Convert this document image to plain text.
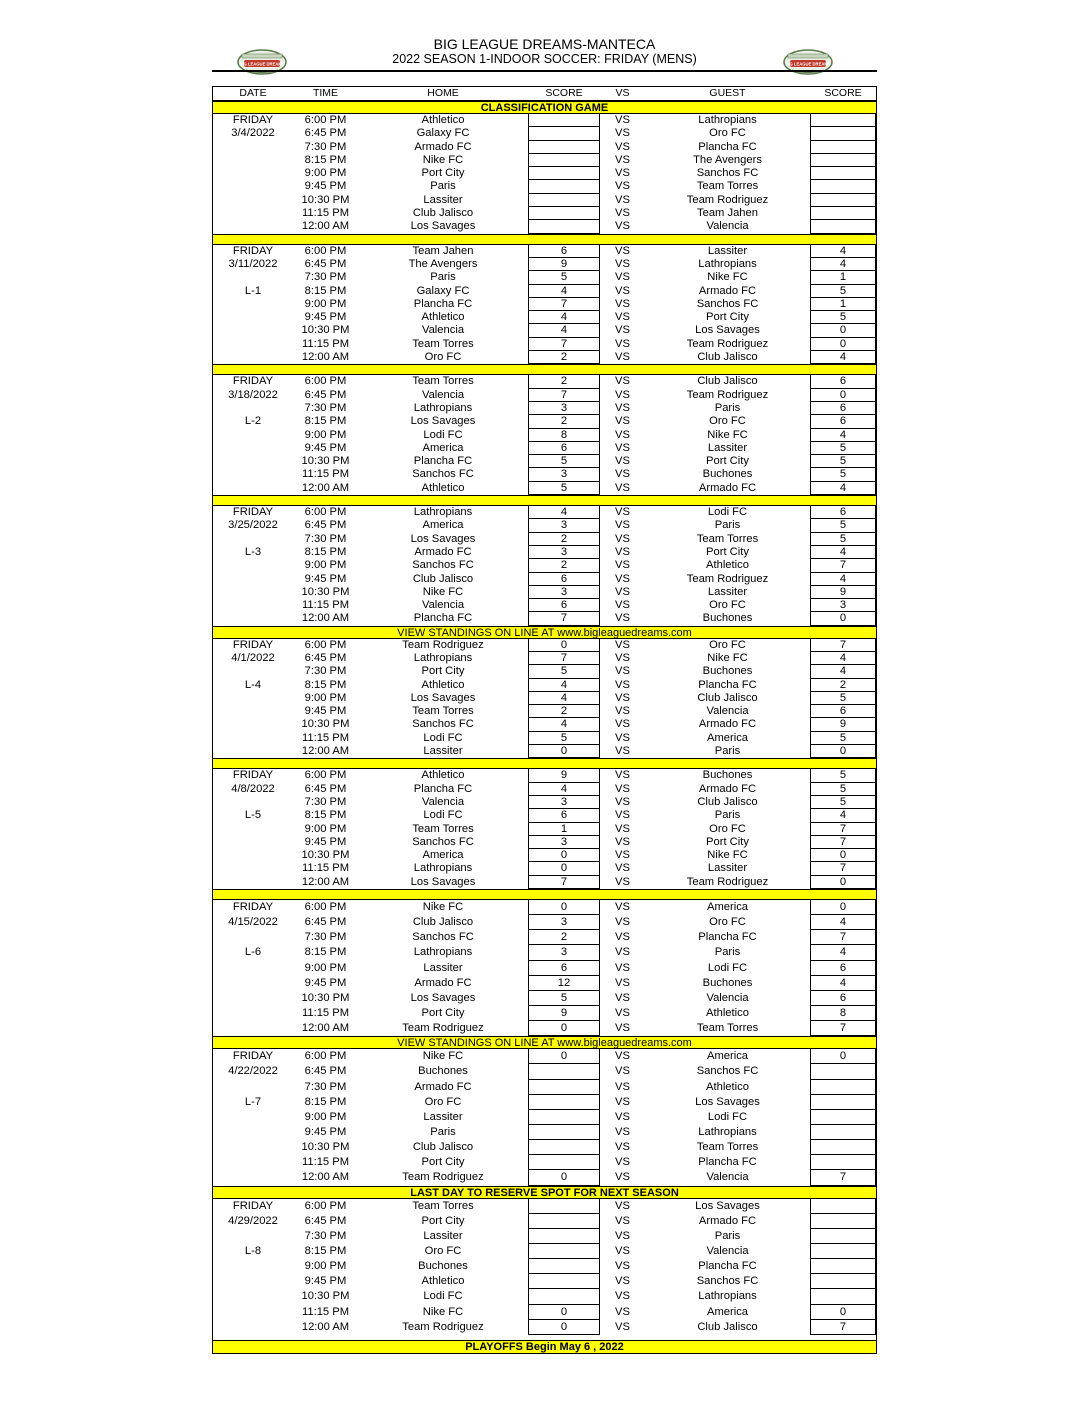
BIG LEAGUE DREAMS-MANTECA
2022 SEASON 1-INDOOR SOCCER: FRIDAY (MENS)
BIG LEAGUE DREAMS	BIG LEAGUE DREAMS
DATE	TIME	HOME	SCORE	VS	GUEST	SCORE
CLASSIFICATION GAME
FRIDAY	6:00 PM	Athletico	VS	Lathropians
3/4/2022	6:45 PM	Galaxy FC	VS	Oro FC
7:30 PM	Armado FC	VS	Plancha FC
8:15 PM	Nike FC	VS	The Avengers
9:00 PM	Port City	VS	Sanchos FC
9:45 PM	Paris	VS	Team Torres
10:30 PM	Lassiter	VS	Team Rodriguez
11:15 PM	Club Jalisco	VS	Team Jahen
12:00 AM	Los Savages	VS	Valencia
FRIDAY	6:00 PM	Team Jahen	6	VS	Lassiter	4
3/11/2022	6:45 PM	The Avengers	9	VS	Lathropians	4
7:30 PM	Paris	5	VS	Nike FC	1
L-1	8:15 PM	Galaxy FC	4	VS	Armado FC	5
9:00 PM	Plancha FC	7	VS	Sanchos FC	1
9:45 PM	Athletico	4	VS	Port City	5
10:30 PM	Valencia	4	VS	Los Savages	0
11:15 PM	Team Torres	7	VS	Team Rodriguez	0
12:00 AM	Oro FC	2	VS	Club Jalisco	4
FRIDAY	6:00 PM	Team Torres	2	VS	Club Jalisco	6
3/18/2022	6:45 PM	Valencia	7	VS	Team Rodriguez	0
7:30 PM	Lathropians	3	VS	Paris	6
L-2	8:15 PM	Los Savages	2	VS	Oro FC	6
9:00 PM	Lodi FC	8	VS	Nike FC	4
9:45 PM	America	6	VS	Lassiter	5
10:30 PM	Plancha FC	5	VS	Port City	5
11:15 PM	Sanchos FC	3	VS	Buchones	5
12:00 AM	Athletico	5	VS	Armado FC	4
FRIDAY	6:00 PM	Lathropians	4	VS	Lodi FC	6
3/25/2022	6:45 PM	America	3	VS	Paris	5
7:30 PM	Los Savages	2	VS	Team Torres	5
L-3	8:15 PM	Armado FC	3	VS	Port City	4
9:00 PM	Sanchos FC	2	VS	Athletico	7
9:45 PM	Club Jalisco	6	VS	Team Rodriguez	4
10:30 PM	Nike FC	3	VS	Lassiter	9
11:15 PM	Valencia	6	VS	Oro FC	3
12:00 AM	Plancha FC	7	VS	Buchones	0
VIEW STANDINGS ON LINE AT www.bigleaguedreams.com
FRIDAY	6:00 PM	Team Rodriguez	0	VS	Oro FC	7
4/1/2022	6:45 PM	Lathropians	7	VS	Nike FC	4
7:30 PM	Port City	5	VS	Buchones	4
L-4	8:15 PM	Athletico	4	VS	Plancha FC	2
9:00 PM	Los Savages	4	VS	Club Jalisco	5
9:45 PM	Team Torres	2	VS	Valencia	6
10:30 PM	Sanchos FC	4	VS	Armado FC	9
11:15 PM	Lodi FC	5	VS	America	5
12:00 AM	Lassiter	0	VS	Paris	0
FRIDAY	6:00 PM	Athletico	9	VS	Buchones	5
4/8/2022	6:45 PM	Plancha FC	4	VS	Armado FC	5
7:30 PM	Valencia	3	VS	Club Jalisco	5
L-5	8:15 PM	Lodi FC	6	VS	Paris	4
9:00 PM	Team Torres	1	VS	Oro FC	7
9:45 PM	Sanchos FC	3	VS	Port City	7
10:30 PM	America	0	VS	Nike FC	0
11:15 PM	Lathropians	0	VS	Lassiter	7
12:00 AM	Los Savages	7	VS	Team Rodriguez	0
FRIDAY	6:00 PM	Nike FC	0	VS	America	0
4/15/2022	6:45 PM	Club Jalisco	3	VS	Oro FC	4
7:30 PM	Sanchos FC	2	VS	Plancha FC	7
L-6	8:15 PM	Lathropians	3	VS	Paris	4
9:00 PM	Lassiter	6	VS	Lodi FC	6
9:45 PM	Armado FC	12	VS	Buchones	4
10:30 PM	Los Savages	5	VS	Valencia	6
11:15 PM	Port City	9	VS	Athletico	8
12:00 AM	Team Rodriguez	0	VS	Team Torres	7
VIEW STANDINGS ON LINE AT www.bigleaguedreams.com
FRIDAY	6:00 PM	Nike FC	0	VS	America	0
4/22/2022	6:45 PM	Buchones	VS	Sanchos FC
7:30 PM	Armado FC	VS	Athletico
L-7	8:15 PM	Oro FC	VS	Los Savages
9:00 PM	Lassiter	VS	Lodi FC
9:45 PM	Paris	VS	Lathropians
10:30 PM	Club Jalisco	VS	Team Torres
11:15 PM	Port City	VS	Plancha FC
12:00 AM	Team Rodriguez	0	VS	Valencia	7
LAST DAY TO RESERVE SPOT FOR NEXT SEASON
FRIDAY	6:00 PM	Team Torres	VS	Los Savages
4/29/2022	6:45 PM	Port City	VS	Armado FC
7:30 PM	Lassiter	VS	Paris
L-8	8:15 PM	Oro FC	VS	Valencia
9:00 PM	Buchones	VS	Plancha FC
9:45 PM	Athletico	VS	Sanchos FC
10:30 PM	Lodi FC	VS	Lathropians
11:15 PM	Nike FC	0	VS	America	0
12:00 AM	Team Rodriguez	0	VS	Club Jalisco	7
PLAYOFFS Begin May 6 , 2022
